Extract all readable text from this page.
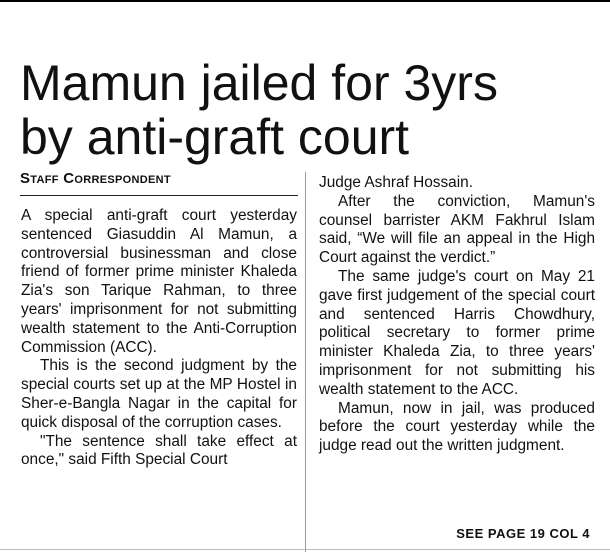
Mamun jailed for 3yrs
by anti-graft court
Staff Correspondent

A special anti-graft court yesterday sentenced Giasuddin Al Mamun, a controversial businessman and close friend of former prime minister Khaleda Zia's son Tarique Rahman, to three years' imprisonment for not submitting wealth statement to the Anti-Corruption Commission (ACC).

This is the second judgment by the special courts set up at the MP Hostel in Sher-e-Bangla Nagar in the capital for quick disposal of the corruption cases.

"The sentence shall take effect at once," said Fifth Special Court

Judge Ashraf Hossain.

After the conviction, Mamun's counsel barrister AKM Fakhrul Islam said, “We will file an appeal in the High Court against the verdict.”

The same judge's court on May 21 gave first judgement of the special court and sentenced Harris Chowdhury, political secretary to former prime minister Khaleda Zia, to three years' imprisonment for not submitting his wealth statement to the ACC.

Mamun, now in jail, was produced before the court yesterday while the judge read out the written judgment.

SEE PAGE 19 COL 4
